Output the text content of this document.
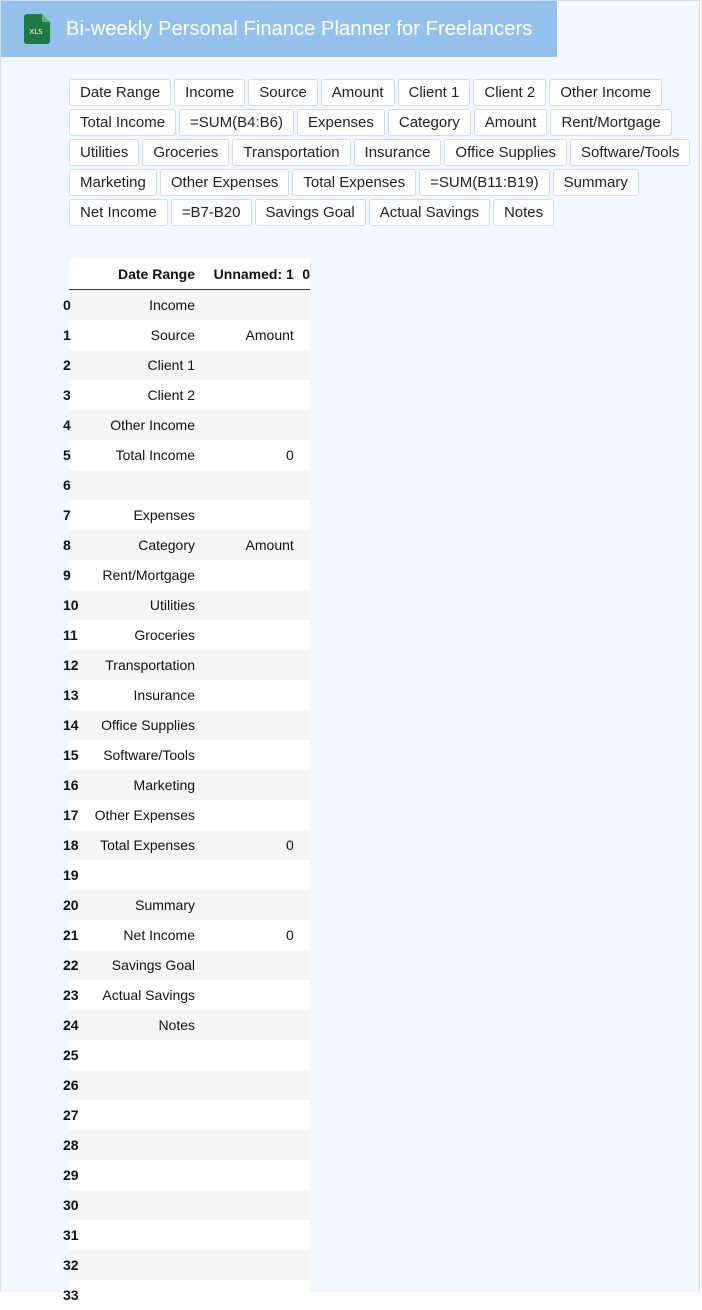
XLS Bi-weekly Personal Finance Planner for Freelancers
Date Range	Income	Source	Amount	Client 1	Client 2	Other Income
Total Income	=SUM(B4:B6)	Expenses	Category	Amount	Rent/Mortgage
Utilities	Groceries	Transportation	Insurance	Office Supplies	Software/Tools
Marketing	Other Expenses	Total Expenses	=SUM(B11:B19)	Summary
Net Income	=B7-B20	Savings Goal	Actual Savings	Notes
	Date Range	Unnamed: 1	0
0	Income		
1	Source	Amount	
2	Client 1		
3	Client 2		
4	Other Income		
5	Total Income	0	
6			
7	Expenses		
8	Category	Amount	
9	Rent/Mortgage		
10	Utilities		
11	Groceries		
12	Transportation		
13	Insurance		
14	Office Supplies		
15	Software/Tools		
16	Marketing		
17	Other Expenses		
18	Total Expenses	0	
19			
20	Summary		
21	Net Income	0	
22	Savings Goal		
23	Actual Savings		
24	Notes		
25			
26			
27			
28			
29			
30			
31			
32			
33			
